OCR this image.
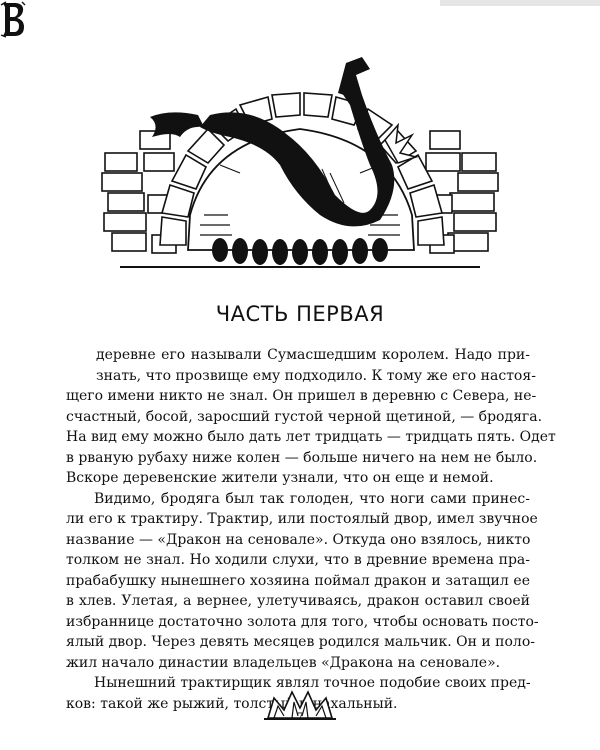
ЧАСТЬ ПЕРВАЯ
деревне его называли Сумасшедшим королем. Надо при-
знать, что прозвище ему подходило. К тому же его настоя-
щего имени никто не знал. Он пришел в деревню с Севера, не-
счастный, босой, заросший густой черной щетиной, — бродяга.
На вид ему можно было дать лет тридцать — тридцать пять. Одет
в рваную рубаху ниже колен — больше ничего на нем не было.
Вскоре деревенские жители узнали, что он еще и немой.
Видимо, бродяга был так голоден, что ноги сами принес-
ли его к трактиру. Трактир, или постоялый двор, имел звучное
название — «Дракон на сеновале». Откуда оно взялось, никто
толком не знал. Но ходили слухи, что в древние времена пра-
прабабушку нынешнего хозяина поймал дракон и затащил ее
в хлев. Улетая, а вернее, улетучиваясь, дракон оставил своей
избраннице достаточно золота для того, чтобы основать посто-
ялый двор. Через девять месяцев родился мальчик. Он и поло-
жил начало династии владельцев «Дракона на сеновале».
Нынешний трактирщик являл точное подобие своих пред-
ков: такой же рыжий, толстый и нахальный.
7
